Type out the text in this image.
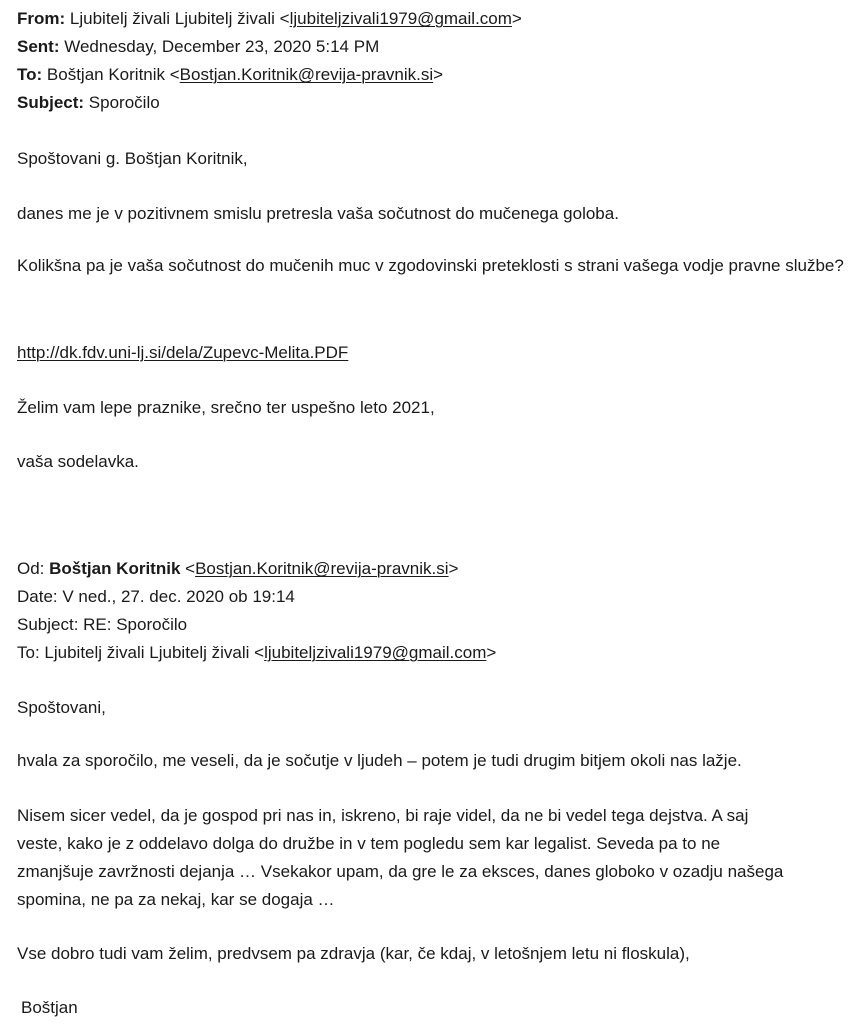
From: Ljubitelj živali Ljubitelj živali <ljubiteljzivali1979@gmail.com>
Sent: Wednesday, December 23, 2020 5:14 PM
To: Boštjan Koritnik <Bostjan.Koritnik@revija-pravnik.si>
Subject: Sporočilo
Spoštovani g. Boštjan Koritnik,
danes me je v pozitivnem smislu pretresla vaša sočutnost do mučenega goloba.
Kolikšna pa je vaša sočutnost do mučenih muc v zgodovinski preteklosti s strani vašega vodje pravne službe?
http://dk.fdv.uni-lj.si/dela/Zupevc-Melita.PDF
Želim vam lepe praznike, srečno ter uspešno leto 2021,
vaša sodelavka.
Od: Boštjan Koritnik <Bostjan.Koritnik@revija-pravnik.si>
Date: V ned., 27. dec. 2020 ob 19:14
Subject: RE: Sporočilo
To: Ljubitelj živali Ljubitelj živali <ljubiteljzivali1979@gmail.com>
Spoštovani,
hvala za sporočilo, me veseli, da je sočutje v ljudeh – potem je tudi drugim bitjem okoli nas lažje.
Nisem sicer vedel, da je gospod pri nas in, iskreno, bi raje videl, da ne bi vedel tega dejstva. A saj
veste, kako je z oddelavo dolga do družbe in v tem pogledu sem kar legalist. Seveda pa to ne
zmanjšuje zavržnosti dejanja … Vsekakor upam, da gre le za eksces, danes globoko v ozadju našega
spomina, ne pa za nekaj, kar se dogaja …
Vse dobro tudi vam želim, predvsem pa zdravja (kar, če kdaj, v letošnjem letu ni floskula),
Boštjan
